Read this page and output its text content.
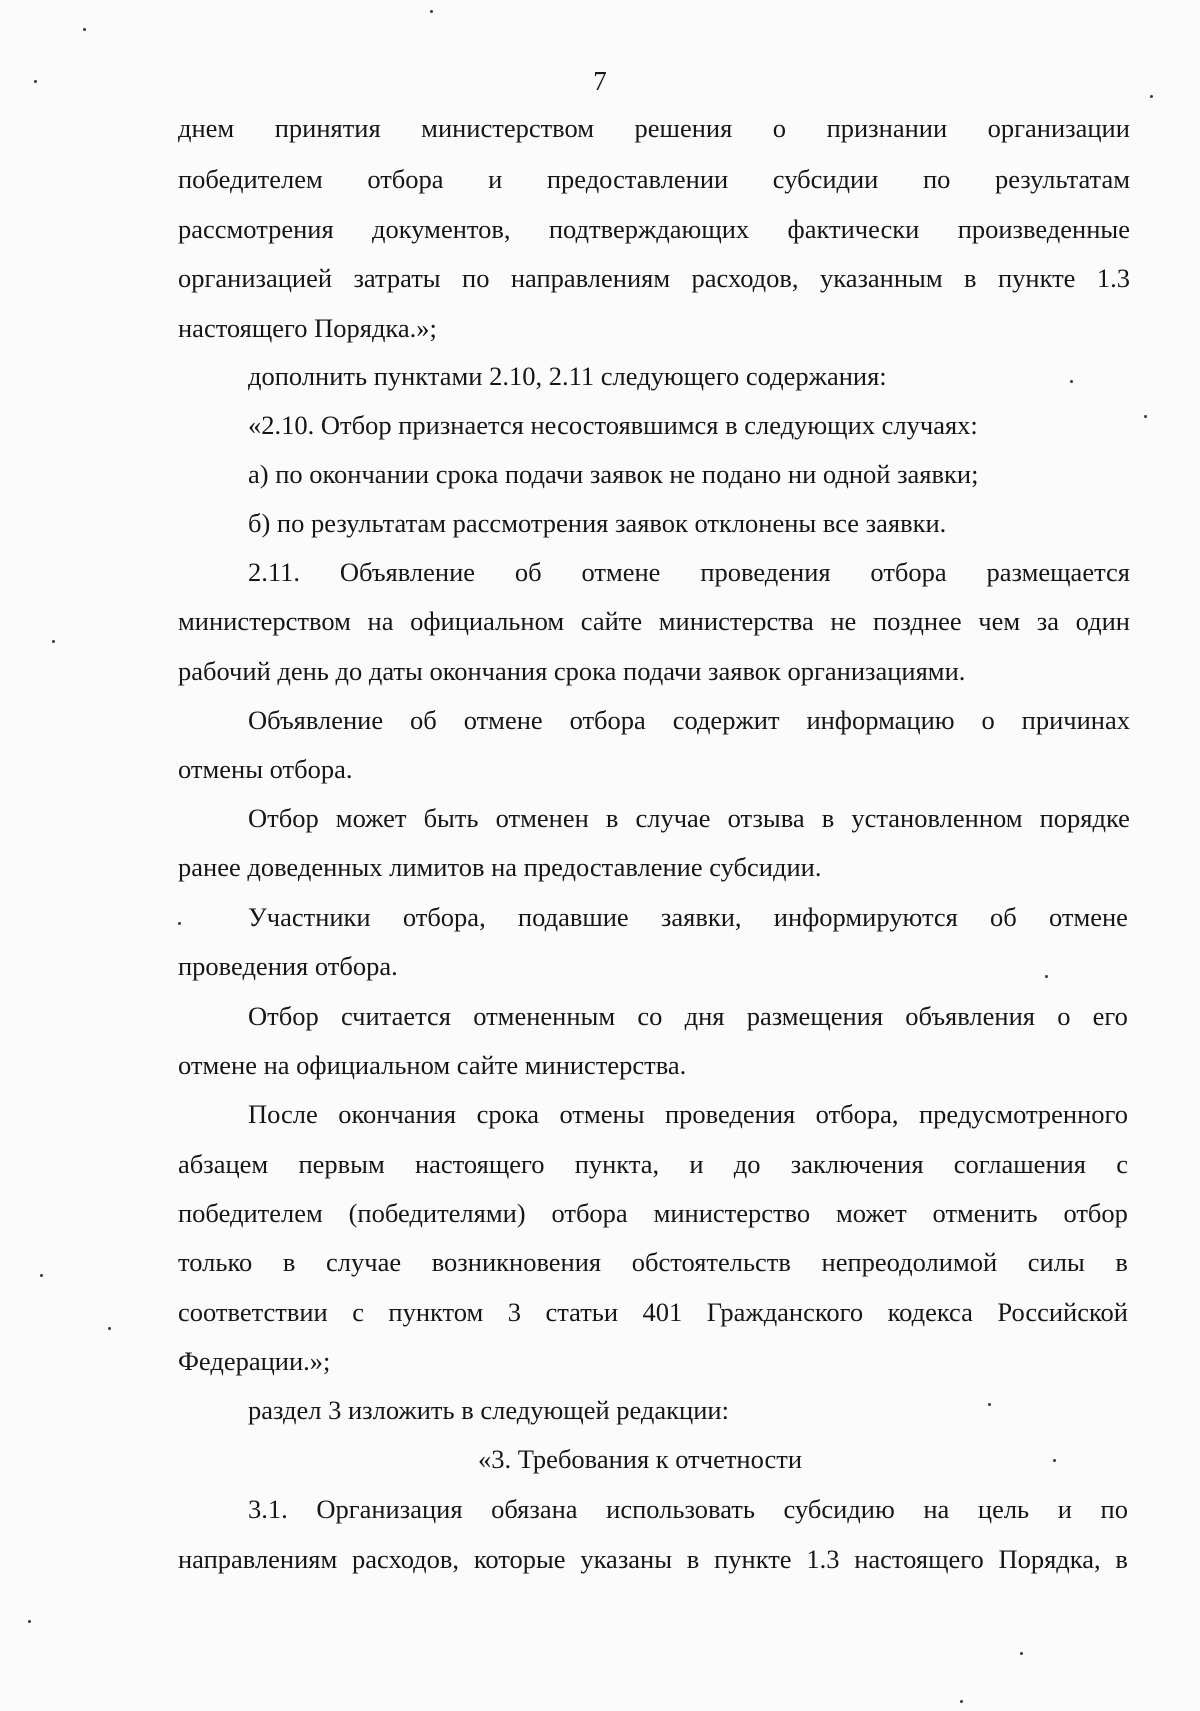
7
днем принятия министерством решения о признании организации
победителем отбора и предоставлении субсидии по результатам
рассмотрения документов, подтверждающих фактически произведенные
организацией затраты по направлениям расходов, указанным в пункте 1.3
настоящего Порядка.»;
дополнить пунктами 2.10, 2.11 следующего содержания:
«2.10. Отбор признается несостоявшимся в следующих случаях:
а) по окончании срока подачи заявок не подано ни одной заявки;
б) по результатам рассмотрения заявок отклонены все заявки.
2.11. Объявление об отмене проведения отбора размещается
министерством на официальном сайте министерства не позднее чем за один
рабочий день до даты окончания срока подачи заявок организациями.
Объявление об отмене отбора содержит информацию о причинах
отмены отбора.
Отбор может быть отменен в случае отзыва в установленном порядке
ранее доведенных лимитов на предоставление субсидии.
Участники отбора, подавшие заявки, информируются об отмене
проведения отбора.
Отбор считается отмененным со дня размещения объявления о его
отмене на официальном сайте министерства.
После окончания срока отмены проведения отбора, предусмотренного
абзацем первым настоящего пункта, и до заключения соглашения с
победителем (победителями) отбора министерство может отменить отбор
только в случае возникновения обстоятельств непреодолимой силы в
соответствии с пунктом 3 статьи 401 Гражданского кодекса Российской
Федерации.»;
раздел 3 изложить в следующей редакции:
«3. Требования к отчетности
3.1. Организация обязана использовать субсидию на цель и по
направлениям расходов, которые указаны в пункте 1.3 настоящего Порядка, в
